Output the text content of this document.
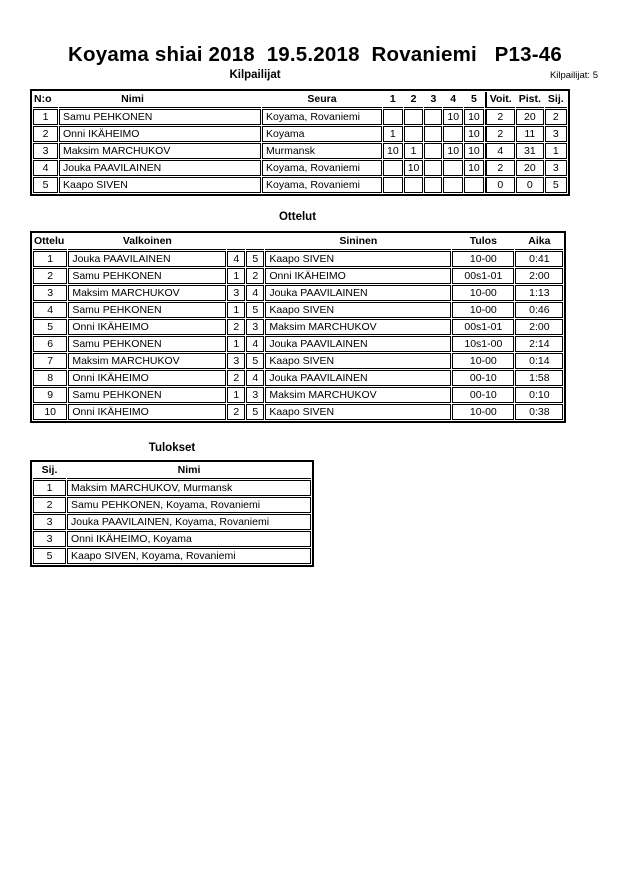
Koyama shiai 2018  19.5.2018  Rovaniemi   P13-46
Kilpailijat	Kilpailijat: 5
N:o	Nimi	Seura	1	2	3	4	5	Voit.	Pist.	Sij.
1	Samu PEHKONEN	Koyama, Rovaniemi				10	10	2	20	2
2	Onni IKÄHEIMO	Koyama	1				10	2	11	3
3	Maksim MARCHUKOV	Murmansk	10	1		10	10	4	31	1
4	Jouka PAAVILAINEN	Koyama, Rovaniemi		10			10	2	20	3
5	Kaapo SIVEN	Koyama, Rovaniemi						0	0	5
Ottelut
Ottelu	Valkoinen			Sininen	Tulos	Aika
1	Jouka PAAVILAINEN	4	5	Kaapo SIVEN	10-00	0:41
2	Samu PEHKONEN	1	2	Onni IKÄHEIMO	00s1-01	2:00
3	Maksim MARCHUKOV	3	4	Jouka PAAVILAINEN	10-00	1:13
4	Samu PEHKONEN	1	5	Kaapo SIVEN	10-00	0:46
5	Onni IKÄHEIMO	2	3	Maksim MARCHUKOV	00s1-01	2:00
6	Samu PEHKONEN	1	4	Jouka PAAVILAINEN	10s1-00	2:14
7	Maksim MARCHUKOV	3	5	Kaapo SIVEN	10-00	0:14
8	Onni IKÄHEIMO	2	4	Jouka PAAVILAINEN	00-10	1:58
9	Samu PEHKONEN	1	3	Maksim MARCHUKOV	00-10	0:10
10	Onni IKÄHEIMO	2	5	Kaapo SIVEN	10-00	0:38
Tulokset
Sij.	Nimi
1	Maksim MARCHUKOV, Murmansk
2	Samu PEHKONEN, Koyama, Rovaniemi
3	Jouka PAAVILAINEN, Koyama, Rovaniemi
3	Onni IKÄHEIMO, Koyama
5	Kaapo SIVEN, Koyama, Rovaniemi
